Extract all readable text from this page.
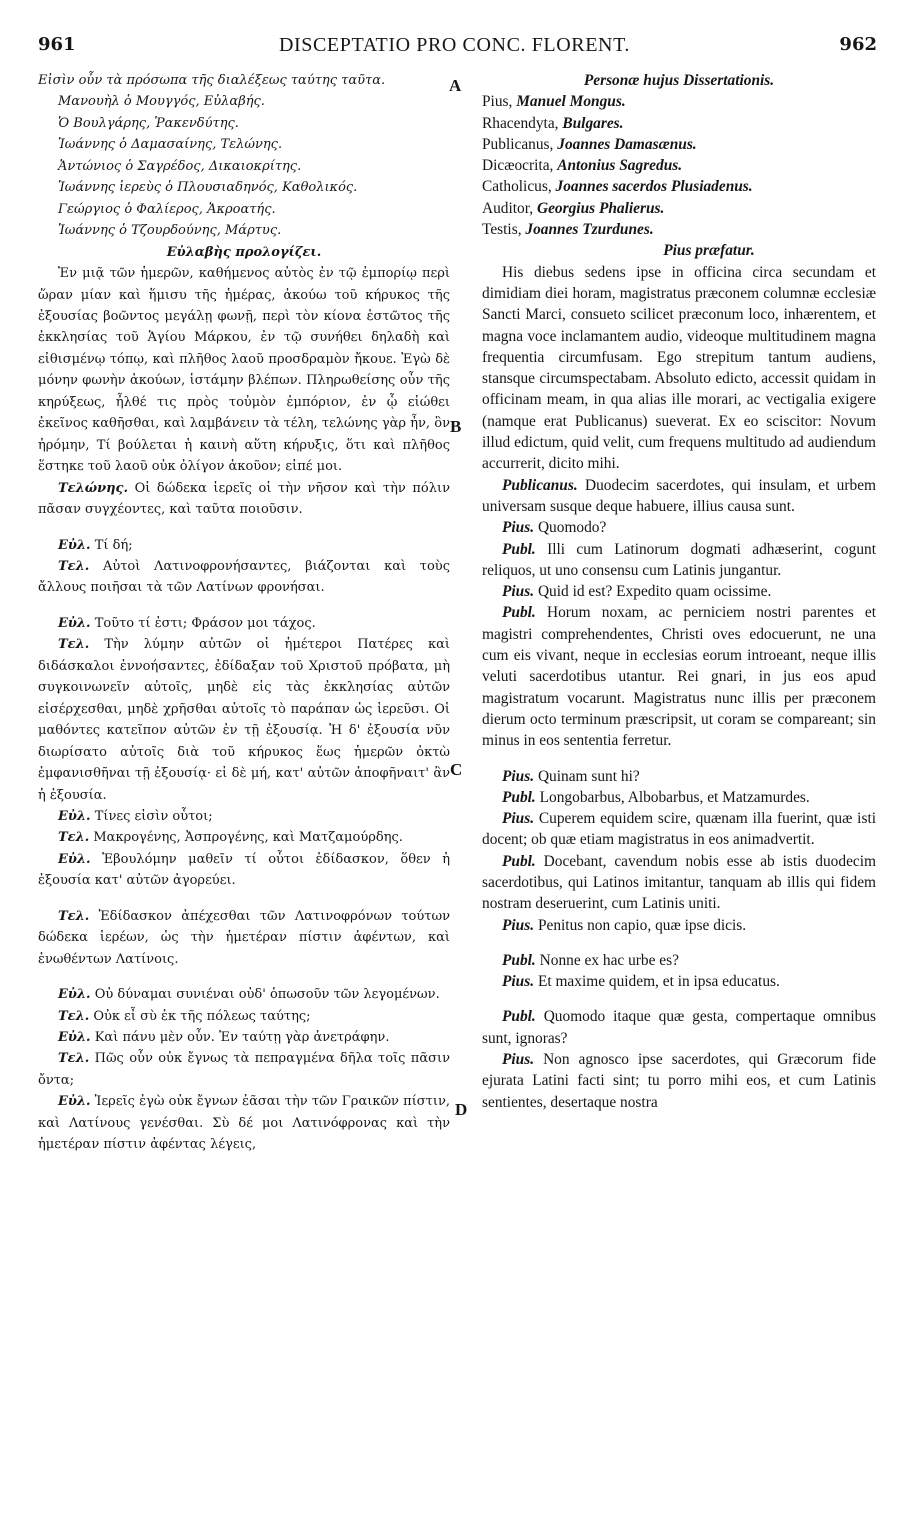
961	DISCEPTATIO PRO CONC. FLORENT.	962
A
B
C
D

Εἰσὶν οὖν τὰ πρόσωπα τῆς διαλέξεως ταύτης ταῦτα.

Μανουὴλ ὁ Μουγγός, Εὐλαβής.

Ὁ Βουλγάρης, Ῥακενδύτης.

Ἰωάννης ὁ Δαμασαίνης, Τελώνης.

Ἀντώνιος ὁ Σαγρέδος, Δικαιοκρίτης.

Ἰωάννης ἱερεὺς ὁ Πλουσιαδηνός, Καθολικός.

Γεώργιος ὁ Φαλίερος, Ἀκροατής.

Ἰωάννης ὁ Τζουρδούνης, Μάρτυς.

Εὐλαβὴς προλογίζει.

Ἐν μιᾷ τῶν ἡμερῶν, καθήμενος αὐτὸς ἐν τῷ ἐμπορίῳ περὶ ὥραν μίαν καὶ ἥμισυ τῆς ἡμέρας, ἀκούω τοῦ κήρυκος τῆς ἐξουσίας βοῶντος μεγάλῃ φωνῇ, περὶ τὸν κίονα ἑστῶτος τῆς ἐκκλησίας τοῦ Ἁγίου Μάρκου, ἐν τῷ συνήθει δηλαδὴ καὶ εἰθισμένῳ τόπῳ, καὶ πλῆθος λαοῦ προσδραμὸν ἤκουε. Ἐγὼ δὲ μόνην φωνὴν ἀκούων, ἱστάμην βλέπων. Πληρωθείσης οὖν τῆς κηρύξεως, ἦλθέ τις πρὸς τοὐμὸν ἐμπόριον, ἐν ᾧ εἰώθει ἐκεῖνος καθῆσθαι, καὶ λαμβάνειν τὰ τέλη, τελώνης γὰρ ἦν, ὃν ἠρόμην, Τί βούλεται ἡ καινὴ αὕτη κήρυξις, ὅτι καὶ πλῆθος ἕστηκε τοῦ λαοῦ οὐκ ὀλίγον ἀκοῦον; εἰπέ μοι.

Τελώνης. Οἱ δώδεκα ἱερεῖς οἱ τὴν νῆσον καὶ τὴν πόλιν πᾶσαν συγχέοντες, καὶ ταῦτα ποιοῦσιν.

Εὐλ. Τί δή;

Τελ. Αὐτοὶ Λατινοφρονήσαντες, βιάζονται καὶ τοὺς ἄλλους ποιῆσαι τὰ τῶν Λατίνων φρονήσαι.

Εὐλ. Τοῦτο τί ἐστι; Φράσον μοι τάχος.

Τελ. Τὴν λύμην αὐτῶν οἱ ἡμέτεροι Πατέρες καὶ διδάσκαλοι ἐννοήσαντες, ἐδίδαξαν τοῦ Χριστοῦ πρόβατα, μὴ συγκοινωνεῖν αὐτοῖς, μηδὲ εἰς τὰς ἐκκλησίας αὐτῶν εἰσέρχεσθαι, μηδὲ χρῆσθαι αὐτοῖς τὸ παράπαν ὡς ἱερεῦσι. Οἱ μαθόντες κατεῖπον αὐτῶν ἐν τῇ ἐξουσίᾳ. Ἡ δ' ἐξουσία νῦν διωρίσατο αὐτοῖς διὰ τοῦ κήρυκος ἕως ἡμερῶν ὀκτὼ ἐμφανισθῆναι τῇ ἐξουσίᾳ· εἰ δὲ μή, κατ' αὐτῶν ἀποφῆναιτ' ἂν ἡ ἐξουσία.

Εὐλ. Τίνες εἰσὶν οὗτοι;

Τελ. Μακρογένης, Ἀσπρογένης, καὶ Ματζαμούρδης.

Εὐλ. Ἐβουλόμην μαθεῖν τί οὗτοι ἐδίδασκον, ὅθεν ἡ ἐξουσία κατ' αὐτῶν ἀγορεύει.

Τελ. Ἐδίδασκον ἀπέχεσθαι τῶν Λατινοφρόνων τούτων δώδεκα ἱερέων, ὡς τὴν ἡμετέραν πίστιν ἀφέντων, καὶ ἑνωθέντων Λατίνοις.

Εὐλ. Οὐ δύναμαι συνιέναι οὐδ' ὁπωσοῦν τῶν λεγομένων.

Τελ. Οὐκ εἶ σὺ ἐκ τῆς πόλεως ταύτης;

Εὐλ. Καὶ πάνυ μὲν οὖν. Ἐν ταύτῃ γὰρ ἀνετράφην.

Τελ. Πῶς οὖν οὐκ ἔγνως τὰ πεπραγμένα δῆλα τοῖς πᾶσιν ὄντα;

Εὐλ. Ἱερεῖς ἐγὼ οὐκ ἔγνων ἐᾶσαι τὴν τῶν Γραικῶν πίστιν, καὶ Λατίνους γενέσθαι. Σὺ δέ μοι Λατινόφρονας καὶ τὴν ἡμετέραν πίστιν ἀφέντας λέγεις,

Personæ hujus Dissertationis.

Pius, Manuel Mongus.

Rhacendyta, Bulgares.

Publicanus, Joannes Damasænus.

Dicæocrita, Antonius Sagredus.

Catholicus, Joannes sacerdos Plusiadenus.

Auditor, Georgius Phalierus.

Testis, Joannes Tzurdunes.

Pius præfatur.

His diebus sedens ipse in officina circa secundam et dimidiam diei horam, magistratus præconem columnæ ecclesiæ Sancti Marci, consueto scilicet præconum loco, inhærentem, et magna voce inclamantem audio, videoque multitudinem magna frequentia circumfusam. Ego strepitum tantum audiens, stansque circumspectabam. Absoluto edicto, accessit quidam in officinam meam, in qua alias ille morari, ac vectigalia exigere (namque erat Publicanus) sueverat. Ex eo sciscitor: Novum illud edictum, quid velit, cum frequens multitudo ad audiendum accurrerit, dicito mihi.

Publicanus. Duodecim sacerdotes, qui insulam, et urbem universam susque deque habuere, illius causa sunt.

Pius. Quomodo?

Publ. Illi cum Latinorum dogmati adhæserint, cogunt reliquos, ut uno consensu cum Latinis jungantur.

Pius. Quid id est? Expedito quam ocissime.

Publ. Horum noxam, ac perniciem nostri parentes et magistri comprehendentes, Christi oves edocuerunt, ne una cum eis vivant, neque in ecclesias eorum introeant, neque illis veluti sacerdotibus utantur. Rei gnari, in jus eos apud magistratum vocarunt. Magistratus nunc illis per præconem dierum octo terminum præscripsit, ut coram se compareant; sin minus in eos sententia ferretur.

Pius. Quinam sunt hi?

Publ. Longobarbus, Albobarbus, et Matzamurdes.

Pius. Cuperem equidem scire, quænam illa fuerint, quæ isti docent; ob quæ etiam magistratus in eos animadvertit.

Publ. Docebant, cavendum nobis esse ab istis duodecim sacerdotibus, qui Latinos imitantur, tanquam ab illis qui fidem nostram deseruerint, cum Latinis uniti.

Pius. Penitus non capio, quæ ipse dicis.

Publ. Nonne ex hac urbe es?

Pius. Et maxime quidem, et in ipsa educatus.

Publ. Quomodo itaque quæ gesta, compertaque omnibus sunt, ignoras?

Pius. Non agnosco ipse sacerdotes, qui Græcorum fide ejurata Latini facti sint; tu porro mihi eos, et cum Latinis sentientes, desertaque nostra
